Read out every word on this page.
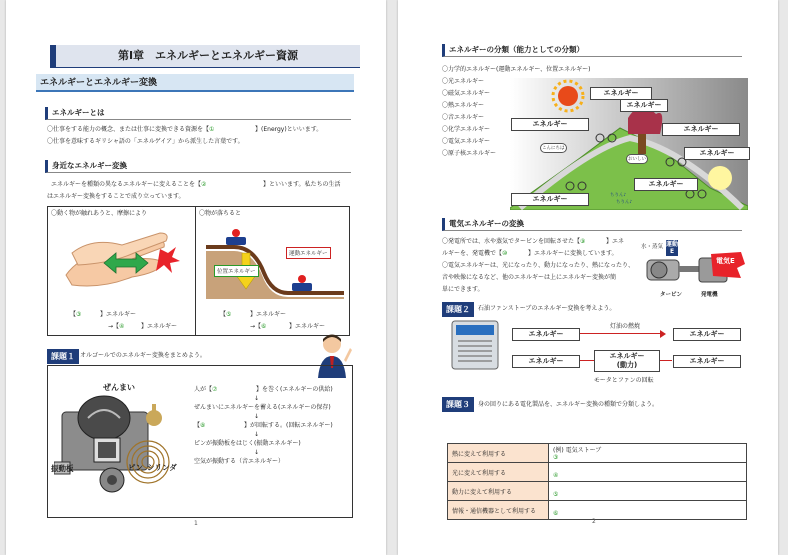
第Ⅰ章　エネルギーとエネルギー資源
エネルギーとエネルギー変換
エネルギーとは
〇仕事をする能力の概念、または仕事に変換できる資源を【①	】(Energy)といいます。
〇仕事を意味するギリシャ語の「エネルゲイア」から派生した言葉です。
身近なエネルギー変換
エネルギーを種類の異なるエネルギーに変えることを【②	】といいます。私たちの生活
はエネルギー変換をすることで成り立っています。
〇動く物が触れあうと、摩擦により
【③	】エネルギー
→【④	】エネルギー
〇物が落ちると
運動エネルギー
位置エネルギー
【⑤	】エネルギー
→【⑥	】エネルギー
課題１ オルゴールでのエネルギー変換をまとめよう。
ぜんまい
振動板	ピン シリンダ
人が【⑦	】を巻く(エネルギーの供給)
↓
ぜんまいにエネルギーを蓄える(エネルギーの保存)
↓
【⑧	】が回転する。(回転エネルギー)
↓
ピンが振動板をはじく(振動エネルギー)
↓
空気が振動する（音エネルギー）
1
エネルギーの分類（能力としての分類）
〇力学的エネルギー(運動エネルギー、位置エネルギー)
〇光エネルギー
〇磁気エネルギー
〇熱エネルギー
〇音エネルギー
〇化学エネルギー
〇電気エネルギー
〇原子核エネルギー
エネルギー
エネルギー
エネルギー
エネルギー
エネルギー
エネルギー
エネルギー
こんにちは
おいしい
ちりん♪
ちりん♪
電気エネルギーの変換
〇発電所では、水や蒸気でタービンを回転させた【⑨	】エネ
ルギーを、発電機で【⑩	】エネルギーに変換しています。
〇電気エネルギーは、光になったり、動力になったり、熱になったり、
音や映像になるなど、他のエネルギーは上にエネルギー変換が簡
単にできます。
水・蒸気 運動E
電気E
タービン	発電機
課題２	石油ファンストーブのエネルギー変換を考えよう。
エネルギー
灯油の燃焼
エネルギー
エネルギー
エネルギー
(動力)	エネルギー
モータとファンの回転
課題３	身の回りにある電化製品を、エネルギー変換の種類で分類しよう。
熱に変えて利用する	(例) 電気ストーブ
③

光に変えて利用する	④

動力に変えて利用する	⑤

情報・通信機器として利用する	⑥
2
